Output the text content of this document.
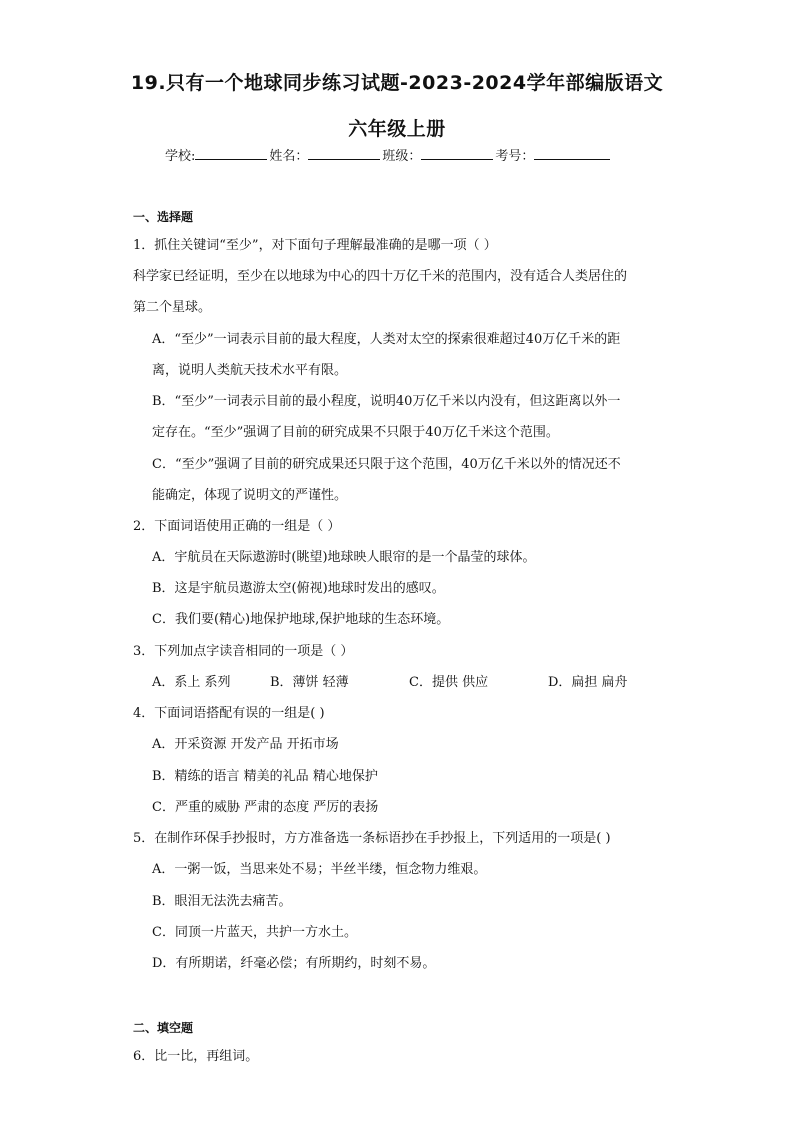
19.只有一个地球同步练习试题-2023-2024学年部编版语文
六年级上册
学校:	姓名：	班级：	考号：
一、选择题
1．抓住关键词“至少”，对下面句子理解最准确的是哪一项（ ）
科学家已经证明，至少在以地球为中心的四十万亿千米的范围内，没有适合人类居住的
第二个星球。
A．“至少”一词表示目前的最大程度，人类对太空的探索很难超过40万亿千米的距
离，说明人类航天技术水平有限。
B．“至少”一词表示目前的最小程度，说明40万亿千米以内没有，但这距离以外一
定存在。“至少”强调了目前的研究成果不只限于40万亿千米这个范围。
C．“至少”强调了目前的研究成果还只限于这个范围，40万亿千米以外的情况还不
能确定，体现了说明文的严谨性。
2．下面词语使用正确的一组是（ ）
A．宇航员在天际遨游时(眺望)地球映人眼帘的是一个晶莹的球体。
B．这是宇航员遨游太空(俯视)地球时发出的感叹。
C．我们要(精心)地保护地球,保护地球的生态环境。
3．下列加点字读音相同的一项是（ ）
A．系上 系列	B．薄饼 轻薄	C．提供 供应	D．扁担 扁舟
4．下面词语搭配有误的一组是( )
A．开采资源 开发产品 开拓市场
B．精练的语言 精美的礼品 精心地保护
C．严重的威胁 严肃的态度 严厉的表扬
5．在制作环保手抄报时，方方准备选一条标语抄在手抄报上，下列适用的一项是( )
A．一粥一饭，当思来处不易；半丝半缕，恒念物力维艰。
B．眼泪无法洗去痛苦。
C．同顶一片蓝天，共护一方水土。
D．有所期诺，纤毫必偿；有所期约，时刻不易。
二、填空题
6．比一比，再组词。
